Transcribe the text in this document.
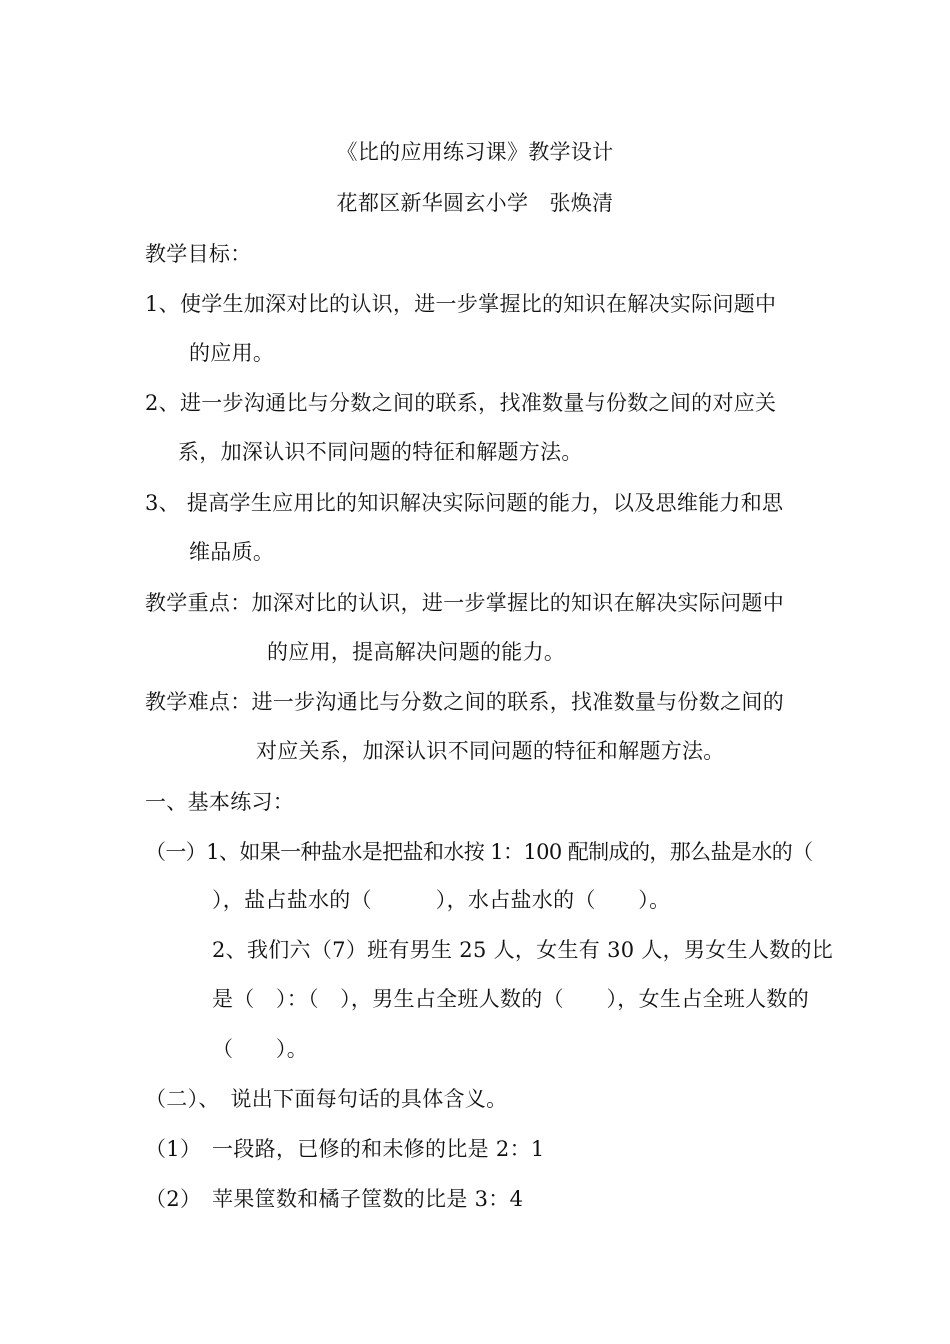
《比的应用练习课》教学设计
花都区新华圆玄小学　张焕清
教学目标：
1、使学生加深对比的认识，进一步掌握比的知识在解决实际问题中
的应用。
2、进一步沟通比与分数之间的联系，找准数量与份数之间的对应关
系，加深认识不同问题的特征和解题方法。
3、 提高学生应用比的知识解决实际问题的能力，以及思维能力和思
维品质。
教学重点：加深对比的认识，进一步掌握比的知识在解决实际问题中
的应用，提高解决问题的能力。
教学难点：进一步沟通比与分数之间的联系，找准数量与份数之间的
对应关系，加深认识不同问题的特征和解题方法。
一、基本练习：
（一）1、如果一种盐水是把盐和水按 1：100 配制成的，那么盐是水的（
），盐占盐水的（　　　），水占盐水的（　　）。
2、我们六（7）班有男生 25 人，女生有 30 人，男女生人数的比
是（　）：（　），男生占全班人数的（　　），女生占全班人数的
（　　）。
（二）、　说出下面每句话的具体含义。
（1）　一段路，已修的和未修的比是 2：1
（2）　苹果筐数和橘子筐数的比是 3：4
